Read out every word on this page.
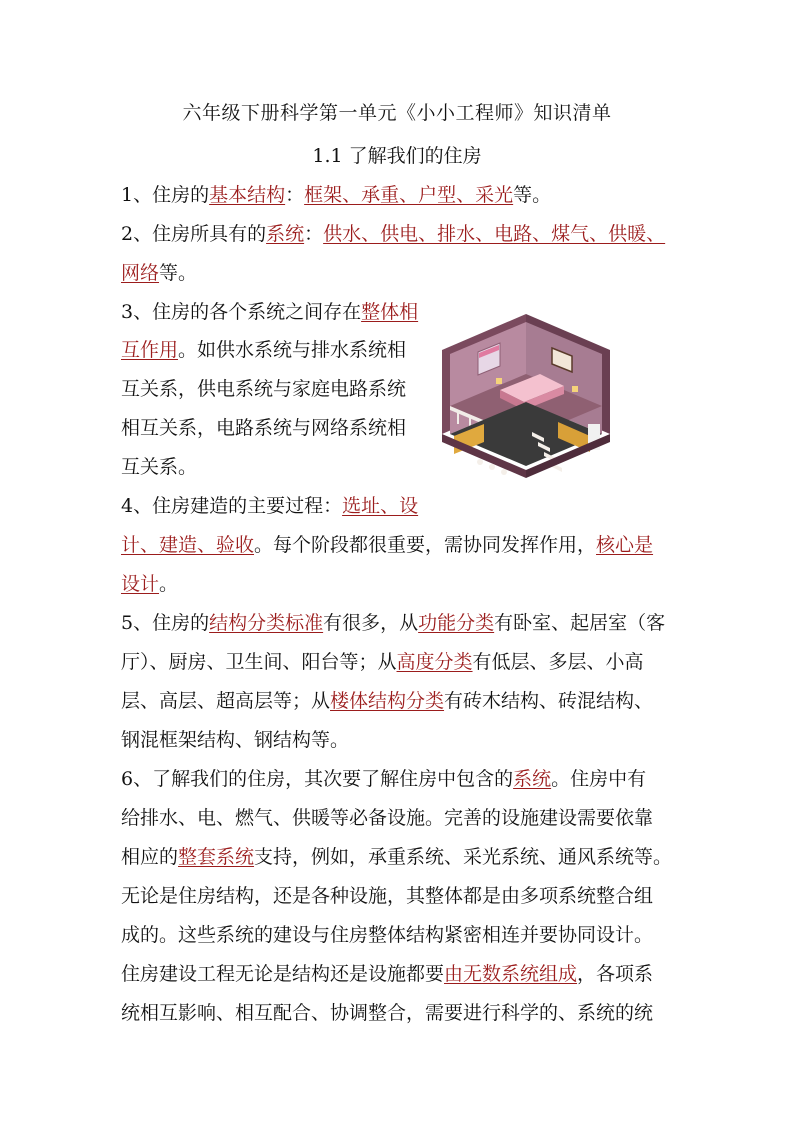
六年级下册科学第一单元《小小工程师》知识清单
1.1 了解我们的住房
1、住房的基本结构：框架、承重、户型、采光等。
2、住房所具有的系统：供水、供电、排水、电路、煤气、供暖、
网络等。
3、住房的各个系统之间存在整体相
互作用。如供水系统与排水系统相
互关系，供电系统与家庭电路系统
相互关系，电路系统与网络系统相
互关系。
4、住房建造的主要过程：选址、设
计、建造、验收。每个阶段都很重要，需协同发挥作用，核心是
设计。
5、住房的结构分类标准有很多，从功能分类有卧室、起居室（客
厅）、厨房、卫生间、阳台等；从高度分类有低层、多层、小高
层、高层、超高层等；从楼体结构分类有砖木结构、砖混结构、
钢混框架结构、钢结构等。
6、了解我们的住房，其次要了解住房中包含的系统。住房中有
给排水、电、燃气、供暖等必备设施。完善的设施建设需要依靠
相应的整套系统支持，例如，承重系统、采光系统、通风系统等。
无论是住房结构，还是各种设施，其整体都是由多项系统整合组
成的。这些系统的建设与住房整体结构紧密相连并要协同设计。
住房建设工程无论是结构还是设施都要由无数系统组成，各项系
统相互影响、相互配合、协调整合，需要进行科学的、系统的统
